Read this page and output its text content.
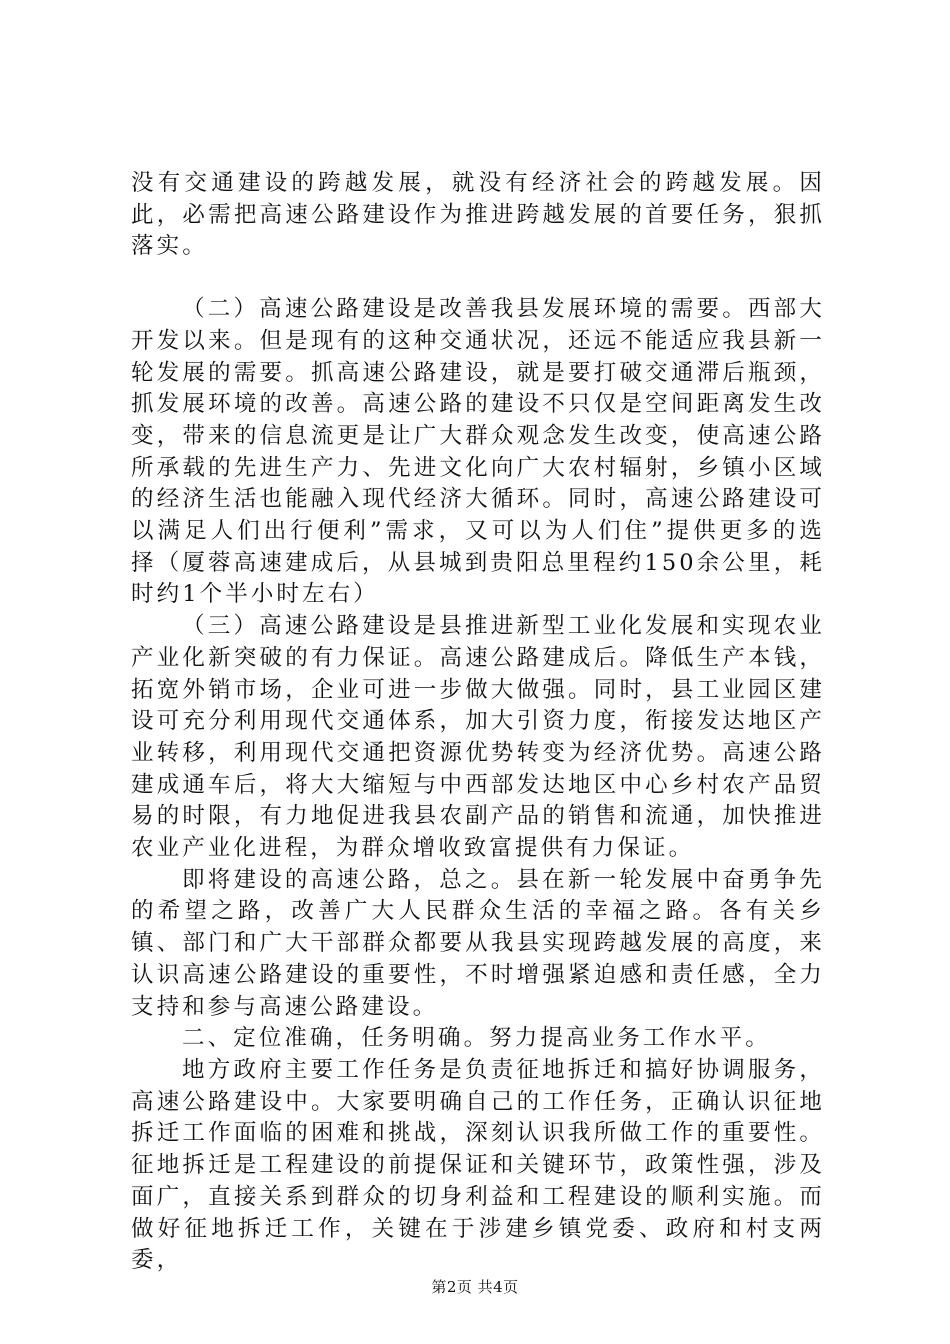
没有交通建设的跨越发展，就没有经济社会的跨越发展。因此，必需把高速公路建设作为推进跨越发展的首要任务，狠抓落实。

（二）高速公路建设是改善我县发展环境的需要。西部大开发以来。但是现有的这种交通状况，还远不能适应我县新一轮发展的需要。抓高速公路建设，就是要打破交通滞后瓶颈，抓发展环境的改善。高速公路的建设不只仅是空间距离发生改变，带来的信息流更是让广大群众观念发生改变，使高速公路所承载的先进生产力、先进文化向广大农村辐射，乡镇小区域的经济生活也能融入现代经济大循环。同时，高速公路建设可以满足人们出行便利”需求，又可以为人们住”提供更多的选择（厦蓉高速建成后，从县城到贵阳总里程约150余公里，耗时约1个半小时左右）

（三）高速公路建设是县推进新型工业化发展和实现农业产业化新突破的有力保证。高速公路建成后。降低生产本钱，拓宽外销市场，企业可进一步做大做强。同时，县工业园区建设可充分利用现代交通体系，加大引资力度，衔接发达地区产业转移，利用现代交通把资源优势转变为经济优势。高速公路建成通车后，将大大缩短与中西部发达地区中心乡村农产品贸易的时限，有力地促进我县农副产品的销售和流通，加快推进农业产业化进程，为群众增收致富提供有力保证。

即将建设的高速公路，总之。县在新一轮发展中奋勇争先的希望之路，改善广大人民群众生活的幸福之路。各有关乡镇、部门和广大干部群众都要从我县实现跨越发展的高度，来认识高速公路建设的重要性，不时增强紧迫感和责任感，全力支持和参与高速公路建设。

二、定位准确，任务明确。努力提高业务工作水平。

地方政府主要工作任务是负责征地拆迁和搞好协调服务，高速公路建设中。大家要明确自己的工作任务，正确认识征地拆迁工作面临的困难和挑战，深刻认识我所做工作的重要性。征地拆迁是工程建设的前提保证和关键环节，政策性强，涉及面广，直接关系到群众的切身利益和工程建设的顺利实施。而做好征地拆迁工作，关键在于涉建乡镇党委、政府和村支两委，

第2页 共4页
